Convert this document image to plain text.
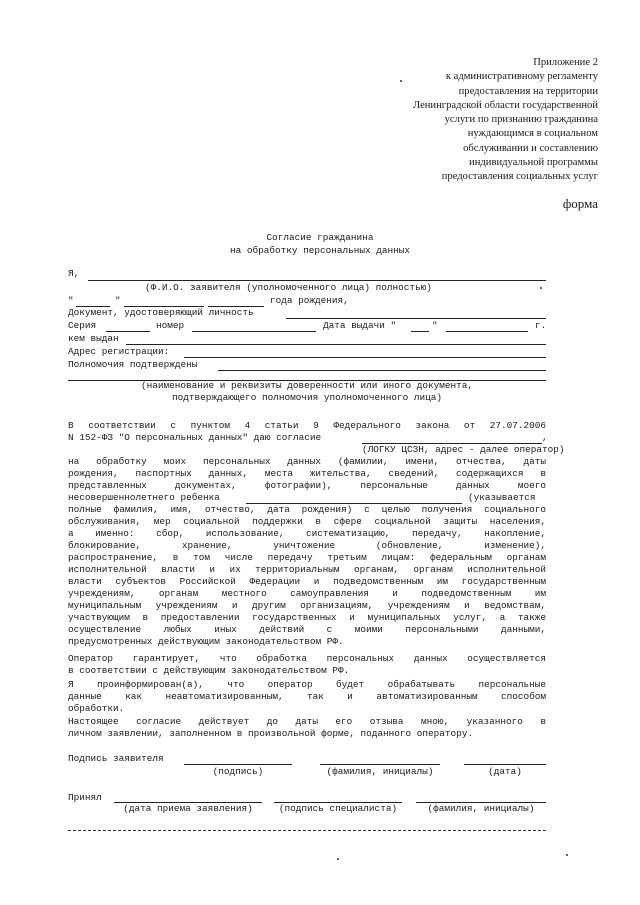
Приложение 2
к административному регламенту
предоставления на территории
Ленинградской области государственной
услуги по признанию гражданина
нуждающимся в социальном
обслуживании и составлению
индивидуальной программы
предоставления социальных услуг
форма
Согласие гражданина
на обработку персональных данных
Я,
(Ф.И.О. заявителя (уполномоченного лица) полностью)
"	"	года рождения,
Документ, удостоверяющий личность
Серия	номер	Дата выдачи "	"	г.
кем выдан
Адрес регистрации:
Полномочия подтверждены
(наименование и реквизиты доверенности или иного документа,
подтверждающего полномочия уполномоченного лица)
В соответствии с пунктом 4 статьи 9 Федерального закона от 27.07.2006
N 152-ФЗ "О персональных данных" даю согласие	,
(ЛОГКУ ЦСЗН, адрес - далее оператор)
на обработку моих персональных данных (фамилии, имени, отчества, даты
рождения, паспортных данных, места жительства, сведений, содержащихся в
представленных документах, фотографии), персональные данных моего
несовершеннолетнего ребенка	(указывается
полные фамилия, имя, отчество, дата рождения) с целью получения социального
обслуживания, мер социальной поддержки в сфере социальной защиты населения,
а именно: сбор, использование, систематизацию, передачу, накопление,
блокирование, хранение, уничтожение (обновление, изменение),
распространение, в том числе передачу третьим лицам: федеральным органам
исполнительной власти и их территориальным органам, органам исполнительной
власти субъектов Российской Федерации и подведомственным им государственным
учреждениям, органам местного самоуправления и подведомственным им
муниципальным учреждениям и другим организациям, учреждениям и ведомствам,
участвующим в предоставлении государственных и муниципальных услуг, а также
осуществление любых иных действий с моими персональными данными,
предусмотренных действующим законодательством РФ.
Оператор гарантирует, что обработка персональных данных осуществляется
в соответствии с действующим законодательством РФ.
Я проинформирован(а), что оператор будет обрабатывать персональные
данные как неавтоматизированным, так и автоматизированным способом
обработки.
Настоящее согласие действует до даты его отзыва мною, указанного в
личном заявлении, заполненном в произвольной форме, поданного оператору.
Подпись заявителя
(подпись)	(фамилия, инициалы)	(дата)
Принял
(дата приема заявления)	(подпись специалиста)	(фамилия, инициалы)
